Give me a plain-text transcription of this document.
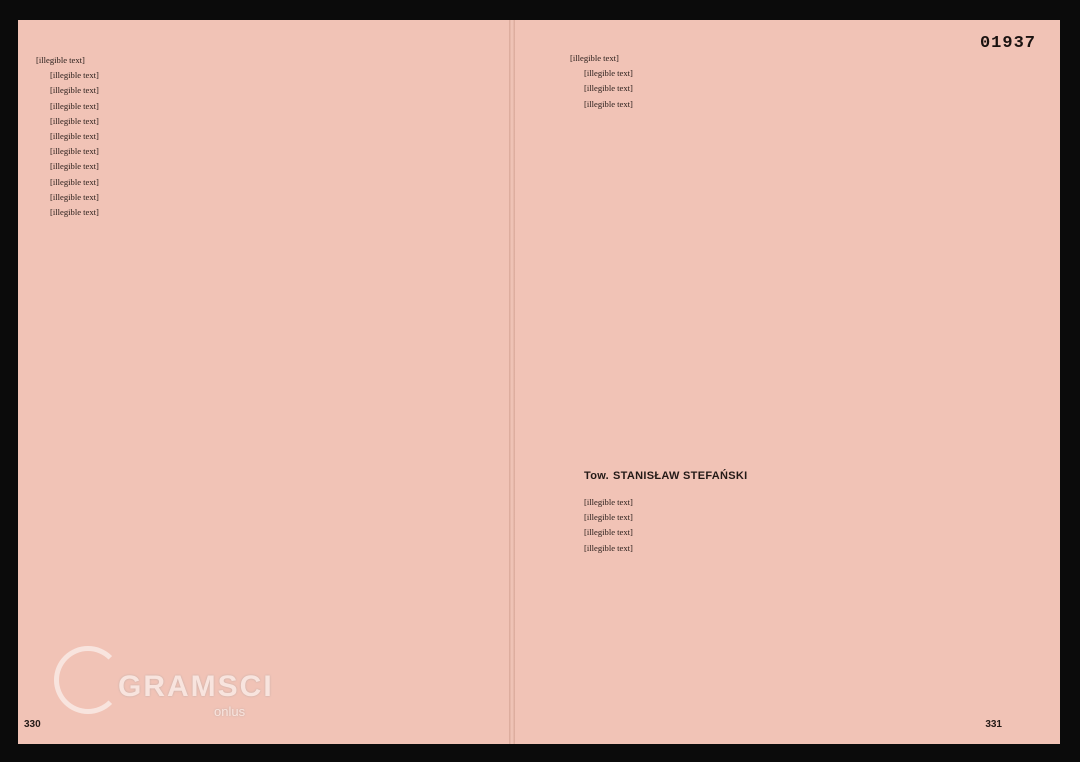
[illegible text]

[illegible text]

[illegible text]

[illegible text]

[illegible text]

[illegible text]

[illegible text]

[illegible text]

[illegible text]

[illegible text]

[illegible text]

330
01937

[illegible text]

[illegible text]

[illegible text]

[illegible text]

Tow. STANISŁAW STEFAŃSKI

[illegible text]

[illegible text]

[illegible text]

[illegible text]

331
GRAMSCI
onlus
